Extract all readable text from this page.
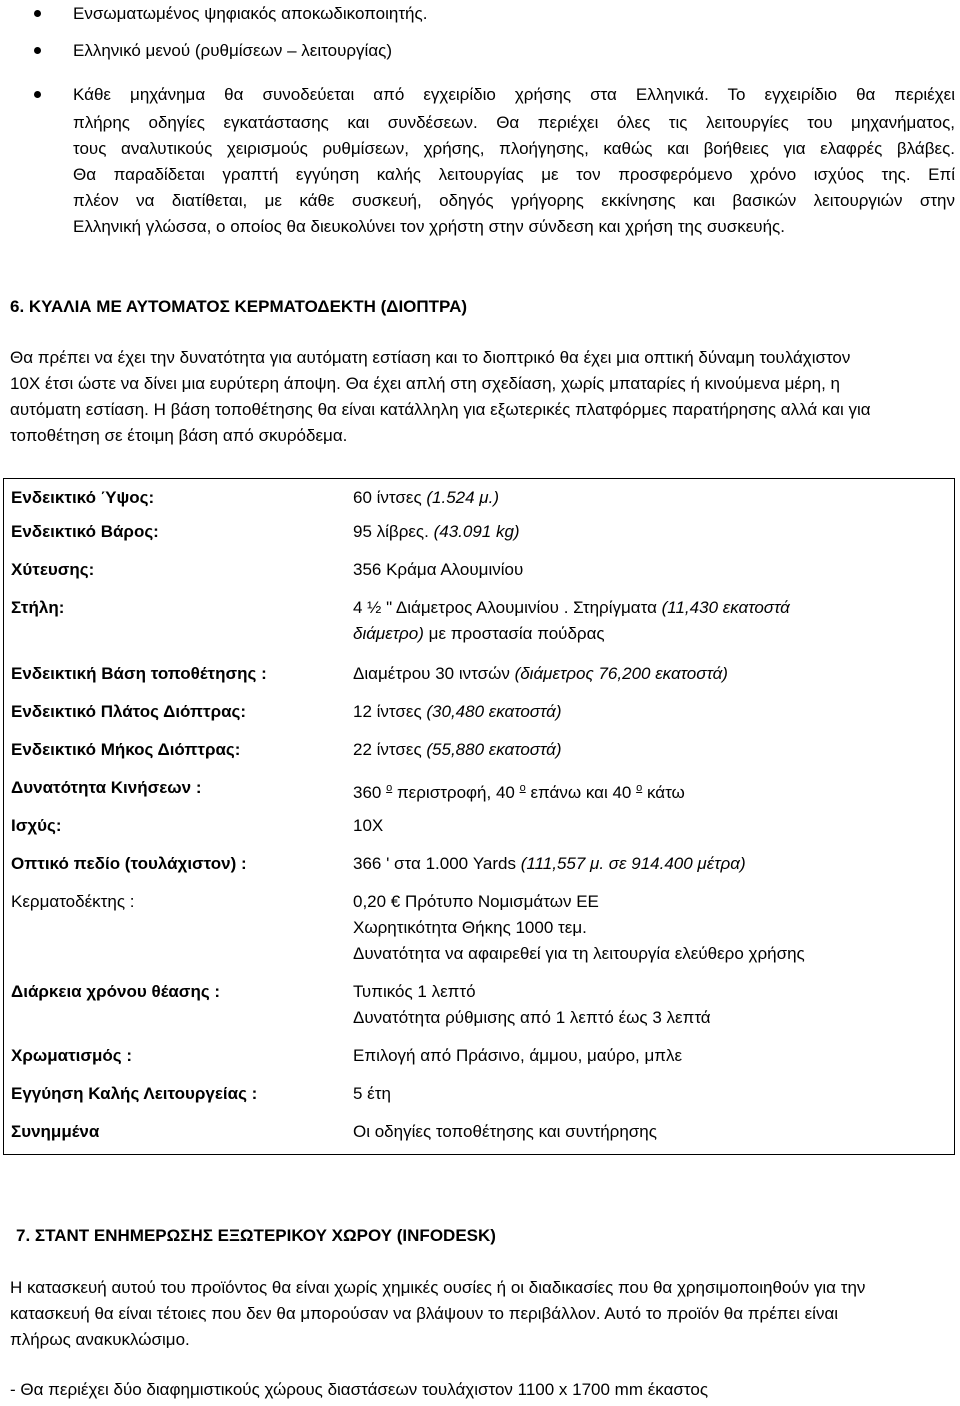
Ενσωματωμένος ψηφιακός αποκωδικοποιητής.
Ελληνικό μενού (ρυθμίσεων – λειτουργίας)
Κάθε μηχάνημα θα συνοδεύεται από εγχειρίδιο χρήσης στα Ελληνικά. Το εγχειρίδιο θα περιέχει
πλήρης οδηγίες εγκατάστασης και συνδέσεων. Θα περιέχει όλες τις λειτουργίες του μηχανήματος,
τους αναλυτικούς χειρισμούς ρυθμίσεων, χρήσης, πλοήγησης, καθώς και βοήθειες για ελαφρές βλάβες.
Θα παραδίδεται γραπτή εγγύηση καλής λειτουργίας με τον προσφερόμενο χρόνο ισχύος της. Επί
πλέον να διατίθεται, με κάθε συσκευή, οδηγός γρήγορης εκκίνησης και βασικών λειτουργιών στην
Ελληνική γλώσσα, ο οποίος θα διευκολύνει τον χρήστη στην σύνδεση και χρήση της συσκευής.
6. ΚΥΑΛΙΑ ΜΕ ΑΥΤΟΜΑΤΟΣ ΚΕΡΜΑΤΟΔΕΚΤΗ (ΔΙΟΠΤΡΑ)
Θα πρέπει να έχει την δυνατότητα για αυτόματη εστίαση και το διοπτρικό θα έχει μια οπτική δύναμη τουλάχιστον
10Χ έτσι ώστε να δίνει μια ευρύτερη άποψη. Θα έχει απλή στη σχεδίαση, χωρίς μπαταρίες ή κινούμενα μέρη, η
αυτόματη εστίαση. Η βάση τοποθέτησης θα είναι κατάλληλη για εξωτερικές πλατφόρμες παρατήρησης αλλά και για
τοποθέτηση σε έτοιμη βάση από σκυρόδεμα.
Ενδεικτικό Ύψος:	60 ίντσες (1.524 μ.)
Ενδεικτικό Βάρος:	95 λίβρες. (43.091 kg)
Χύτευσης:	356 Κράμα Αλουμινίου
Στήλη:	4 ½ " Διάμετρος Αλουμινίου . Στηρίγματα (11,430 εκατοστά
διάμετρο) με προστασία πούδρας
Ενδεικτική Βάση τοποθέτησης :	Διαμέτρου 30 ιντσών (διάμετρος 76,200 εκατοστά)
Ενδεικτικό Πλάτος Διόπτρας:	12 ίντσες (30,480 εκατοστά)
Ενδεικτικό Μήκος Διόπτρας:	22 ίντσες (55,880 εκατοστά)
Δυνατότητα Κινήσεων :	360 $^o$ περιστροφή, 40 $^o$ επάνω και 40 $^o$ κάτω
Ισχύς:	10Χ
Οπτικό πεδίο (τουλάχιστον) :	366 ' στα 1.000 Yards (111,557 μ. σε 914.400 μέτρα)
Κερματοδέκτης :	0,20 € Πρότυπο Νομισμάτων ΕΕ
Χωρητικότητα Θήκης 1000 τεμ.
Δυνατότητα να αφαιρεθεί για τη λειτουργία ελεύθερο χρήσης
Διάρκεια χρόνου θέασης :	Τυπικός 1 λεπτό
Δυνατότητα ρύθμισης από 1 λεπτό έως 3 λεπτά
Χρωματισμός :	Επιλογή από Πράσινο, άμμου, μαύρο, μπλε
Εγγύηση Καλής Λειτουργείας :	5 έτη
Συνημμένα	Οι οδηγίες τοποθέτησης και συντήρησης
7. ΣΤΑΝΤ ΕΝΗΜΕΡΩΣΗΣ ΕΞΩΤΕΡΙΚΟΥ ΧΩΡΟΥ (INFODESK)
Η κατασκευή αυτού του προϊόντος θα είναι χωρίς χημικές ουσίες ή οι διαδικασίες που θα χρησιμοποιηθούν για την
κατασκευή θα είναι τέτοιες που δεν θα μπορούσαν να βλάψουν το περιβάλλον. Αυτό το προϊόν θα πρέπει είναι
πλήρως ανακυκλώσιμο.
- Θα περιέχει δύο διαφημιστικούς χώρους διαστάσεων τουλάχιστον 1100 x 1700 mm έκαστος
